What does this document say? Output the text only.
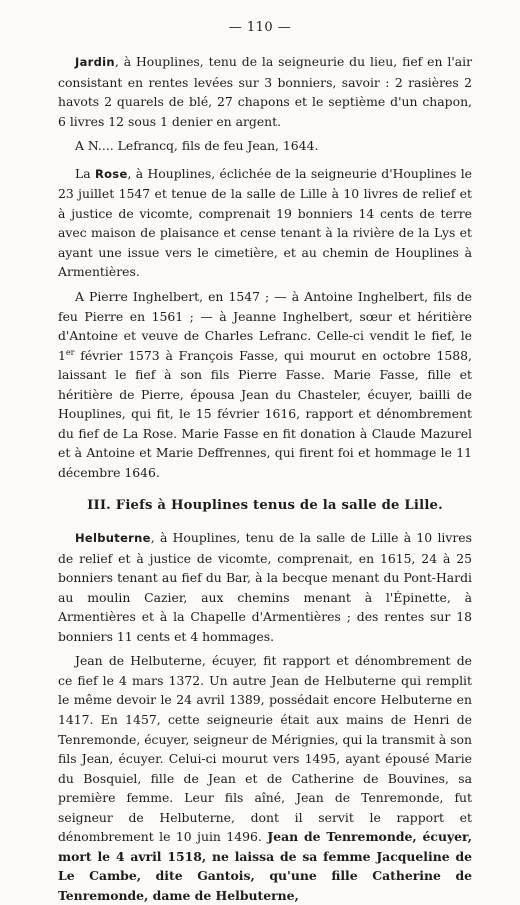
— 110 —

Jardin, à Houplines, tenu de la seigneurie du lieu, fief en l'air consistant en rentes levées sur 3 bonniers, savoir : 2 rasières 2 havots 2 quarels de blé, 27 chapons et le septième d'un chapon, 6 livres 12 sous 1 denier en argent.

A N.... Lefrancq, fils de feu Jean, 1644.

La Rose, à Houplines, éclichée de la seigneurie d'Houplines le 23 juillet 1547 et tenue de la salle de Lille à 10 livres de relief et à justice de vicomte, comprenait 19 bonniers 14 cents de terre avec maison de plaisance et cense tenant à la rivière de la Lys et ayant une issue vers le cimetière, et au chemin de Houplines à Armentières.

A Pierre Inghelbert, en 1547 ; — à Antoine Inghelbert, fils de feu Pierre en 1561 ; — à Jeanne Inghelbert, sœur et héritière d'Antoine et veuve de Charles Lefranc. Celle-ci vendit le fief, le 1er février 1573 à François Fasse, qui mourut en octobre 1588, laissant le fief à son fils Pierre Fasse. Marie Fasse, fille et héritière de Pierre, épousa Jean du Chasteler, écuyer, bailli de Houplines, qui fit, le 15 février 1616, rapport et dénombrement du fief de La Rose. Marie Fasse en fit donation à Claude Mazurel et à Antoine et Marie Deffrennes, qui firent foi et hommage le 11 décembre 1646.

III. Fiefs à Houplines tenus de la salle de Lille.

Helbuterne, à Houplines, tenu de la salle de Lille à 10 livres de relief et à justice de vicomte, comprenait, en 1615, 24 à 25 bonniers tenant au fief du Bar, à la becque menant du Pont-Hardi au moulin Cazier, aux chemins menant à l'Épinette, à Armentières et à la Chapelle d'Armentières ; des rentes sur 18 bonniers 11 cents et 4 hommages.

Jean de Helbuterne, écuyer, fit rapport et dénombrement de ce fief le 4 mars 1372. Un autre Jean de Helbuterne qui remplit le même devoir le 24 avril 1389, possédait encore Helbuterne en 1417. En 1457, cette seigneurie était aux mains de Henri de Tenremonde, écuyer, seigneur de Mérignies, qui la transmit à son fils Jean, écuyer. Celui-ci mourut vers 1495, ayant épousé Marie du Bosquiel, fille de Jean et de Catherine de Bouvines, sa première femme. Leur fils aîné, Jean de Tenremonde, fut seigneur de Helbuterne, dont il servit le rapport et dénombrement le 10 juin 1496. Jean de Tenremonde, écuyer, mort le 4 avril 1518, ne laissa de sa femme Jacqueline de Le Cambe, dite Gantois, qu'une fille Catherine de Tenremonde, dame de Helbuterne,
